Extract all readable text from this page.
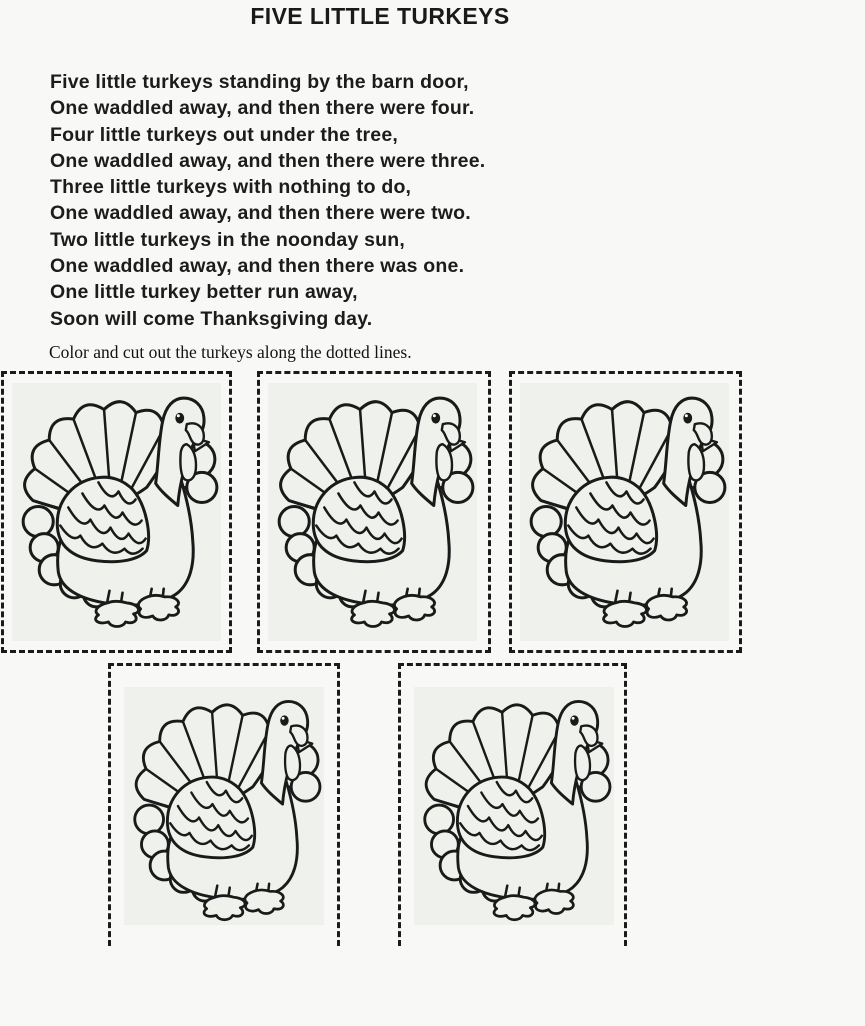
FIVE LITTLE TURKEYS
Five little turkeys standing by the barn door,
One waddled away, and then there were four.
Four little turkeys out under the tree,
One waddled away, and then there were three.
Three little turkeys with nothing to do,
One waddled away, and then there were two.
Two little turkeys in the noonday sun,
One waddled away, and then there was one.
One little turkey better run away,
Soon will come Thanksgiving day.
Color and cut out the turkeys along the dotted lines.
